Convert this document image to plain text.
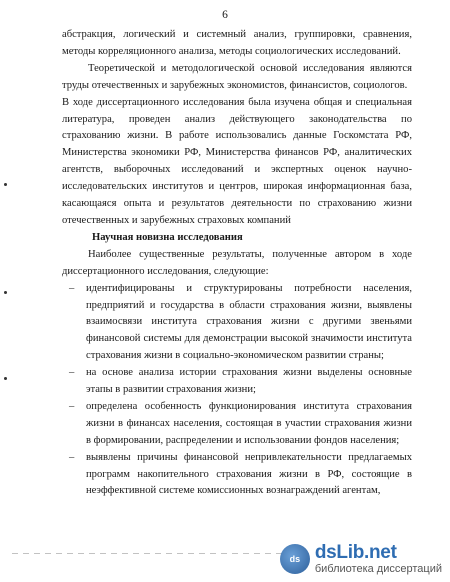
6

абстракция, логический и системный анализ, группировки, сравнения, методы корреляционного анализа, методы социологических исследований.

Теоретической и методологической основой исследования являются труды отечественных и зарубежных экономистов, финансистов, социологов.

В ходе диссертационного исследования была изучена общая и специальная литература, проведен анализ действующего законодательства по страхованию жизни. В работе использовались данные Госкомстата РФ, Министерства экономики РФ, Министерства финансов РФ, аналитических агентств, выборочных исследований и экспертных оценок научно-исследовательских институтов и центров, широкая информационная база, касающаяся опыта и результатов деятельности по страхованию жизни отечественных и зарубежных страховых компаний

Научная новизна исследования

Наиболее существенные результаты, полученные автором в ходе диссертационного исследования, следующие:

– идентифицированы и структурированы потребности населения, предприятий и государства в области страхования жизни, выявлены взаимосвязи института страхования жизни с другими звеньями финансовой системы для демонстрации высокой значимости института страхования жизни в социально-экономическом развитии страны;
– на основе анализа истории страхования жизни выделены основные этапы в развитии страхования жизни;
– определена особенность функционирования института страхования жизни в финансах населения, состоящая в участии страхования жизни в формировании, распределении и использовании фондов населения;
– выявлены причины финансовой непривлекательности предлагаемых программ накопительного страхования жизни в РФ, состоящие в неэффективной системе комиссионных вознаграждений агентам,
ds dsLib.net
библиотека диссертаций
